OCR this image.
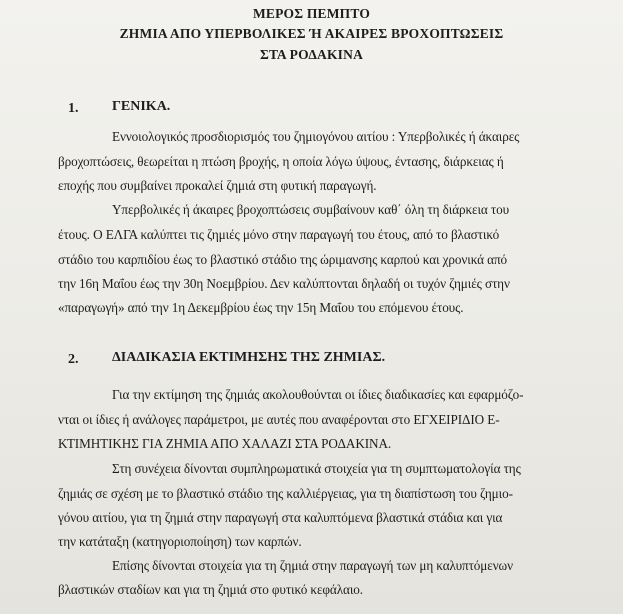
ΜΕΡΟΣ ΠΕΜΠΤΟ
ΖΗΜΙΑ ΑΠΟ ΥΠΕΡΒΟΛΙΚΕΣ Ή ΑΚΑΙΡΕΣ ΒΡΟΧΟΠΤΩΣΕΙΣ
ΣΤΑ ΡΟΔΑΚΙΝΑ
1. ΓΕΝΙΚΑ.
Εννοιολογικός προσδιορισμός του ζημιογόνου αιτίου : Υπερβολικές ή άκαιρες
βροχοπτώσεις, θεωρείται η πτώση βροχής, η οποία λόγω ύψους, έντασης, διάρκειας ή
εποχής που συμβαίνει προκαλεί ζημιά στη φυτική παραγωγή.
Υπερβολικές ή άκαιρες βροχοπτώσεις συμβαίνουν καθ΄ όλη τη διάρκεια του
έτους. Ο ΕΛΓΑ καλύπτει τις ζημιές μόνο στην παραγωγή του έτους, από το βλαστικό
στάδιο του καρπιδίου έως το βλαστικό στάδιο της ώριμανσης καρπού και χρονικά από
την 16η Μαΐου έως την 30η Νοεμβρίου. Δεν καλύπτονται δηλαδή οι τυχόν ζημιές στην
«παραγωγή» από την 1η Δεκεμβρίου έως την 15η Μαΐου του επόμενου έτους.
2. ΔΙΑΔΙΚΑΣΙΑ ΕΚΤΙΜΗΣΗΣ ΤΗΣ ΖΗΜΙΑΣ.
Για την εκτίμηση της ζημιάς ακολουθούνται οι ίδιες διαδικασίες και εφαρμόζο-
νται οι ίδιες ή ανάλογες παράμετροι, με αυτές που αναφέρονται στο ΕΓΧΕΙΡΙΔΙΟ Ε-
ΚΤΙΜΗΤΙΚΗΣ ΓΙΑ ΖΗΜΙΑ ΑΠΟ ΧΑΛΑΖΙ ΣΤΑ ΡΟΔΑΚΙΝΑ.
Στη συνέχεια δίνονται συμπληρωματικά στοιχεία για τη συμπτωματολογία της
ζημιάς σε σχέση με το βλαστικό στάδιο της καλλιέργειας, για τη διαπίστωση του ζημιο-
γόνου αιτίου, για τη ζημιά στην παραγωγή στα καλυπτόμενα βλαστικά στάδια και για
την κατάταξη (κατηγοριοποίηση) των καρπών.
Επίσης δίνονται στοιχεία για τη ζημιά στην παραγωγή των μη καλυπτόμενων
βλαστικών σταδίων και για τη ζημιά στο φυτικό κεφάλαιο.
